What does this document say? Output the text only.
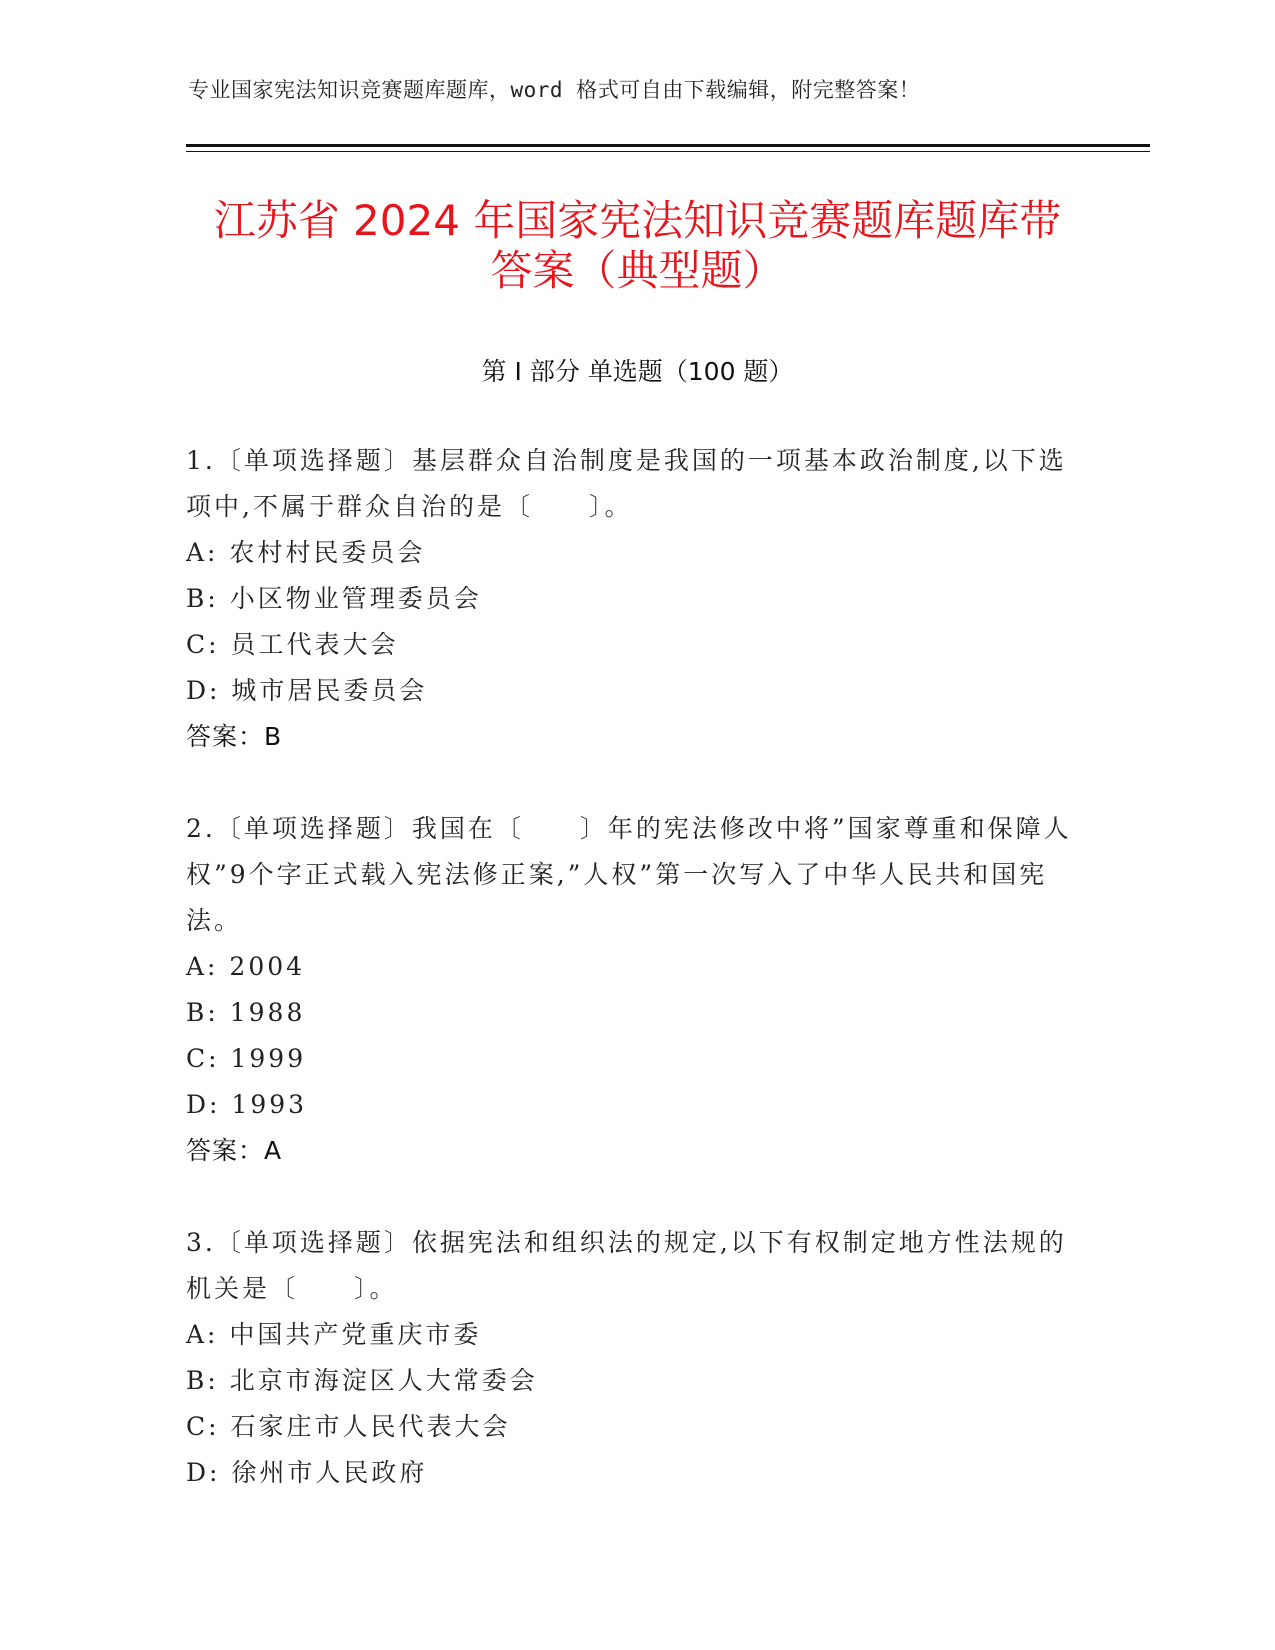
专业国家宪法知识竞赛题库题库，word 格式可自由下载编辑，附完整答案！
江苏省 2024 年国家宪法知识竞赛题库题库带
答案（典型题）
第 I 部分 单选题（100 题）

1.〔单项选择题〕基层群众自治制度是我国的一项基本政治制度,以下选项中,不属于群众自治的是〔　　〕。

A: 农村村民委员会

B: 小区物业管理委员会

C: 员工代表大会

D: 城市居民委员会

答案：B

2.〔单项选择题〕我国在〔　　〕年的宪法修改中将”国家尊重和保障人权”9个字正式载入宪法修正案,”人权”第一次写入了中华人民共和国宪法。

A: 2004

B: 1988

C: 1999

D: 1993

答案：A

3.〔单项选择题〕依据宪法和组织法的规定,以下有权制定地方性法规的机关是〔　　〕。

A: 中国共产党重庆市委

B: 北京市海淀区人大常委会

C: 石家庄市人民代表大会

D: 徐州市人民政府
